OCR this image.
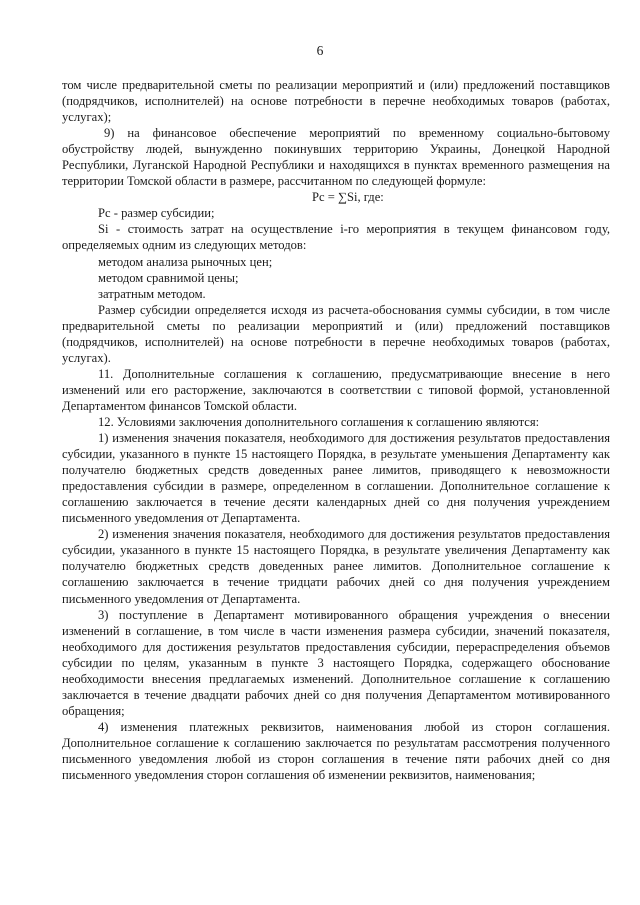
6

том числе предварительной сметы по реализации мероприятий и (или) предложений поставщиков (подрядчиков, исполнителей) на основе потребности в перечне необходимых товаров (работах, услугах);

9) на финансовое обеспечение мероприятий по временному социально-бытовому обустройству людей, вынужденно покинувших территорию Украины, Донецкой Народной Республики, Луганской Народной Республики и находящихся в пунктах временного размещения на территории Томской области в размере, рассчитанном по следующей формуле:

Pc = ∑Si, где:

Pc - размер субсидии;

Si - стоимость затрат на осуществление i-го мероприятия в текущем финансовом году, определяемых одним из следующих методов:

методом анализа рыночных цен;

методом сравнимой цены;

затратным методом.

Размер субсидии определяется исходя из расчета-обоснования суммы субсидии, в том числе предварительной сметы по реализации мероприятий и (или) предложений поставщиков (подрядчиков, исполнителей) на основе потребности в перечне необходимых товаров (работах, услугах).

11. Дополнительные соглашения к соглашению, предусматривающие внесение в него изменений или его расторжение, заключаются в соответствии с типовой формой, установленной Департаментом финансов Томской области.

12. Условиями заключения дополнительного соглашения к соглашению являются:

1) изменения значения показателя, необходимого для достижения результатов предоставления субсидии, указанного в пункте 15 настоящего Порядка, в результате уменьшения Департаменту как получателю бюджетных средств доведенных ранее лимитов, приводящего к невозможности предоставления субсидии в размере, определенном в соглашении. Дополнительное соглашение к соглашению заключается в течение десяти календарных дней со дня получения учреждением письменного уведомления от Департамента.

2) изменения значения показателя, необходимого для достижения результатов предоставления субсидии, указанного в пункте 15 настоящего Порядка, в результате увеличения Департаменту как получателю бюджетных средств доведенных ранее лимитов. Дополнительное соглашение к соглашению заключается в течение тридцати рабочих дней со дня получения учреждением письменного уведомления от Департамента.

3) поступление в Департамент мотивированного обращения учреждения о внесении изменений в соглашение, в том числе в части изменения размера субсидии, значений показателя, необходимого для достижения результатов предоставления субсидии, перераспределения объемов субсидии по целям, указанным в пункте 3 настоящего Порядка, содержащего обоснование необходимости внесения предлагаемых изменений. Дополнительное соглашение к соглашению заключается в течение двадцати рабочих дней со дня получения Департаментом мотивированного обращения;

4) изменения платежных реквизитов, наименования любой из сторон соглашения. Дополнительное соглашение к соглашению заключается по результатам рассмотрения полученного письменного уведомления любой из сторон соглашения в течение пяти рабочих дней со дня письменного уведомления сторон соглашения об изменении реквизитов, наименования;
